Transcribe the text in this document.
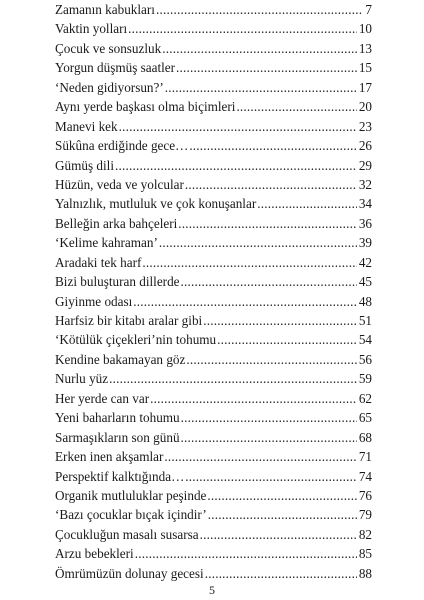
Zamanın kabukları .....	7
Vaktin yolları .....	10
Çocuk ve sonsuzluk .....	13
Yorgun düşmüş saatler .....	15
‘Neden gidiyorsun?’ .....	17
Aynı yerde başkası olma biçimleri .....	20
Manevi kek .....	23
Sükûna erdiğinde gece… .....	26
Gümüş dili .....	29
Hüzün, veda ve yolcular .....	32
Yalnızlık, mutluluk ve çok konuşanlar .....	34
Belleğin arka bahçeleri .....	36
‘Kelime kahraman’ .....	39
Aradaki tek harf .....	42
Bizi buluşturan dillerde .....	45
Giyinme odası .....	48
Harfsiz bir kitabı aralar gibi .....	51
‘Kötülük çiçekleri’nin tohumu .....	54
Kendine bakamayan göz .....	56
Nurlu yüz .....	59
Her yerde can var .....	62
Yeni baharların tohumu .....	65
Sarmaşıkların son günü .....	68
Erken inen akşamlar .....	71
Perspektif kalktığında… .....	74
Organik mutluluklar peşinde .....	76
‘Bazı çocuklar bıçak içindir’ .....	79
Çocukluğun masalı susarsa .....	82
Arzu bebekleri .....	85
Ömrümüzün dolunay gecesi .....	88
5
